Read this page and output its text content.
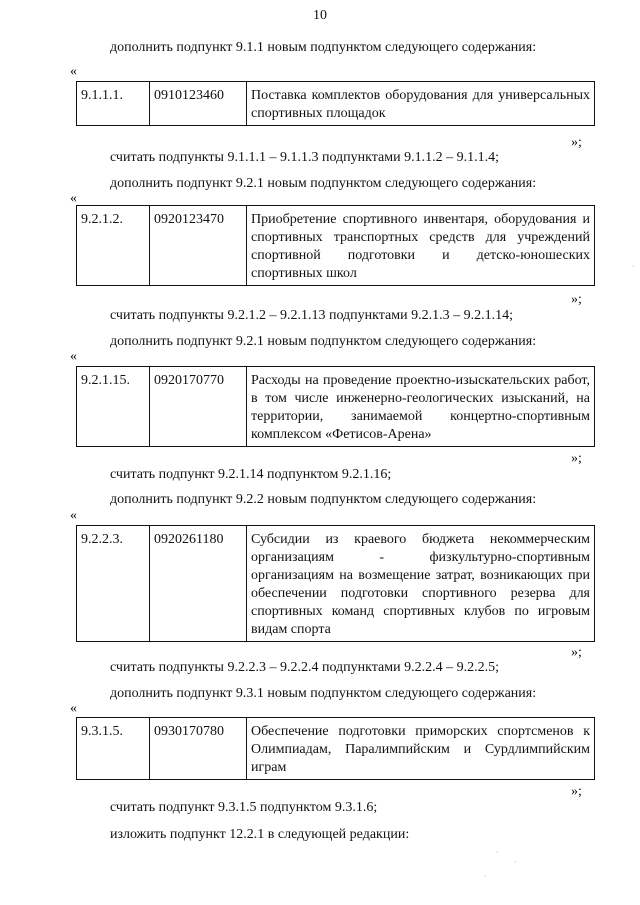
10
дополнить подпункт 9.1.1 новым подпунктом следующего содержания:
«
9.1.1.1.	0910123460	Поставка комплектов оборудования для универсальных спортивных площадок
»;
считать подпункты 9.1.1.1 – 9.1.1.3 подпунктами 9.1.1.2 – 9.1.1.4;
дополнить подпункт 9.2.1 новым подпунктом следующего содержания:
«
9.2.1.2.	0920123470	Приобретение спортивного инвентаря, оборудования и спортивных транспортных средств для учреждений спортивной подготовки и детско-юношеских спортивных школ
»;
считать подпункты 9.2.1.2 – 9.2.1.13 подпунктами 9.2.1.3 – 9.2.1.14;
дополнить подпункт 9.2.1 новым подпунктом следующего содержания:
«
9.2.1.15.	0920170770	Расходы на проведение проектно-изыскательских работ, в том числе инженерно-геологических изысканий, на территории, занимаемой концертно-спортивным комплексом «Фетисов-Арена»
»;
считать подпункт 9.2.1.14 подпунктом 9.2.1.16;
дополнить подпункт 9.2.2 новым подпунктом следующего содержания:
«
9.2.2.3.	0920261180	Субсидии из краевого бюджета некоммерческим организациям - физкультурно-спортивным организациям на возмещение затрат, возникающих при обеспечении подготовки спортивного резерва для спортивных команд спортивных клубов по игровым видам спорта
»;
считать подпункты 9.2.2.3 – 9.2.2.4 подпунктами 9.2.2.4 – 9.2.2.5;
дополнить подпункт 9.3.1 новым подпунктом следующего содержания:
«
9.3.1.5.	0930170780	Обеспечение подготовки приморских спортсменов к Олимпиадам, Паралимпийским и Сурдлимпийским играм
»;
считать подпункт 9.3.1.5 подпунктом 9.3.1.6;
изложить подпункт 12.2.1 в следующей редакции:
·
·
·
·
